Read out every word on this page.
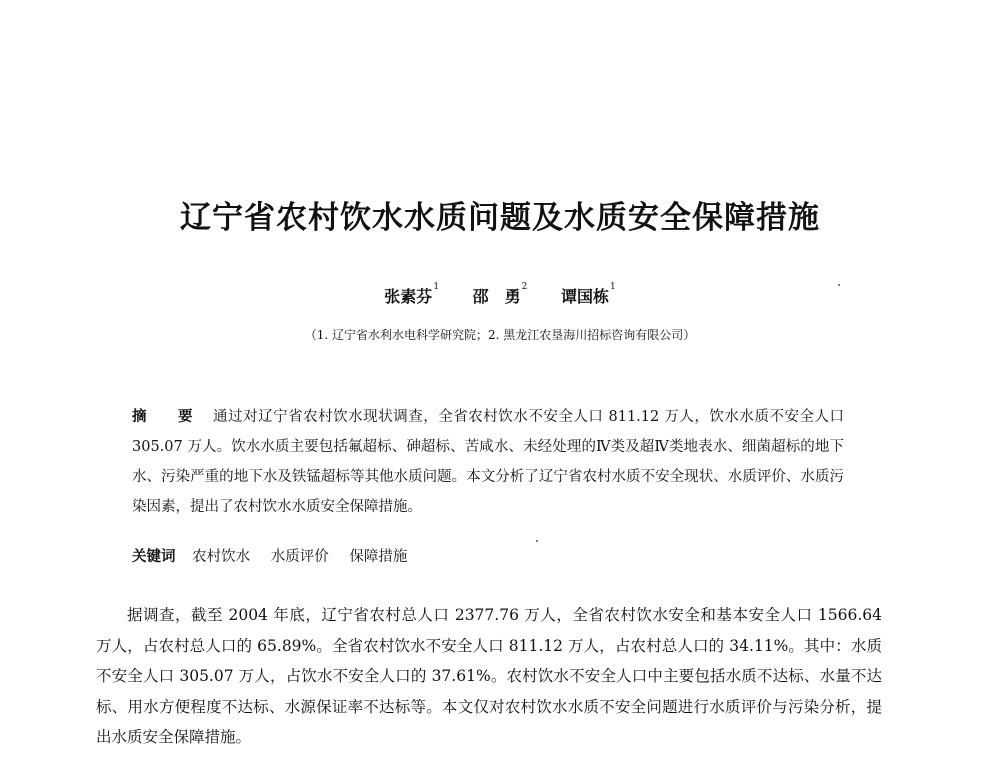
辽宁省农村饮水水质问题及水质安全保障措施

张素芬$^1$ 邵　勇$^2$ 谭国栋$^1$

（1. 辽宁省水利水电科学研究院；2. 黑龙江农垦海川招标咨询有限公司）

摘　要 通过对辽宁省农村饮水现状调查，全省农村饮水不安全人口 811.12 万人，饮水水质不安全人口 305.07 万人。饮水水质主要包括氟超标、砷超标、苦咸水、未经处理的Ⅳ类及超Ⅳ类地表水、细菌超标的地下水、污染严重的地下水及铁锰超标等其他水质问题。本文分析了辽宁省农村水质不安全现状、水质评价、水质污染因素，提出了农村饮水水质安全保障措施。

关键词 农村饮水 水质评价 保障措施

据调查，截至 2004 年底，辽宁省农村总人口 2377.76 万人，全省农村饮水安全和基本安全人口 1566.64 万人，占农村总人口的 65.89%。全省农村饮水不安全人口 811.12 万人，占农村总人口的 34.11%。其中：水质不安全人口 305.07 万人，占饮水不安全人口的 37.61%。农村饮水不安全人口中主要包括水质不达标、水量不达标、用水方便程度不达标、水源保证率不达标等。本文仅对农村饮水水质不安全问题进行水质评价与污染分析，提出水质安全保障措施。
